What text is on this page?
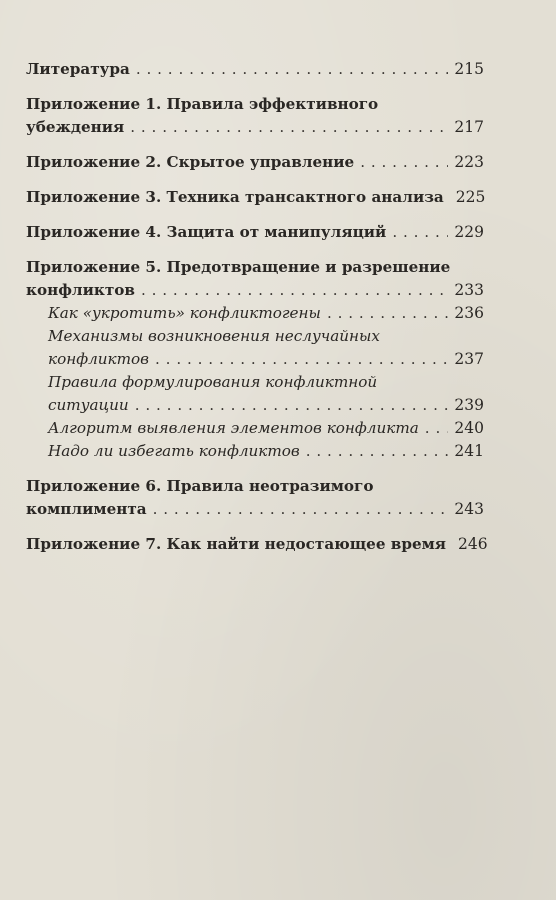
Литература . . .	215
Приложение 1. Правила эффективного
убеждения . . .	217
Приложение 2. Скрытое управление . . .	223
Приложение 3. Техника трансактного анализа 225
Приложение 4. Защита от манипуляций . . .	229
Приложение 5. Предотвращение и разрешение
конфликтов . . .	233
Как «укротить» конфликтогены . . .	236
Механизмы возникновения неслучайных
конфликтов . . .	237
Правила формулирования конфликтной
ситуации . . .	239
Алгоритм выявления элементов конфликта . . . 240
Надо ли избегать конфликтов . . .	241
Приложение 6. Правила неотразимого
комплимента . . .	243
Приложение 7. Как найти недостающее время 246
